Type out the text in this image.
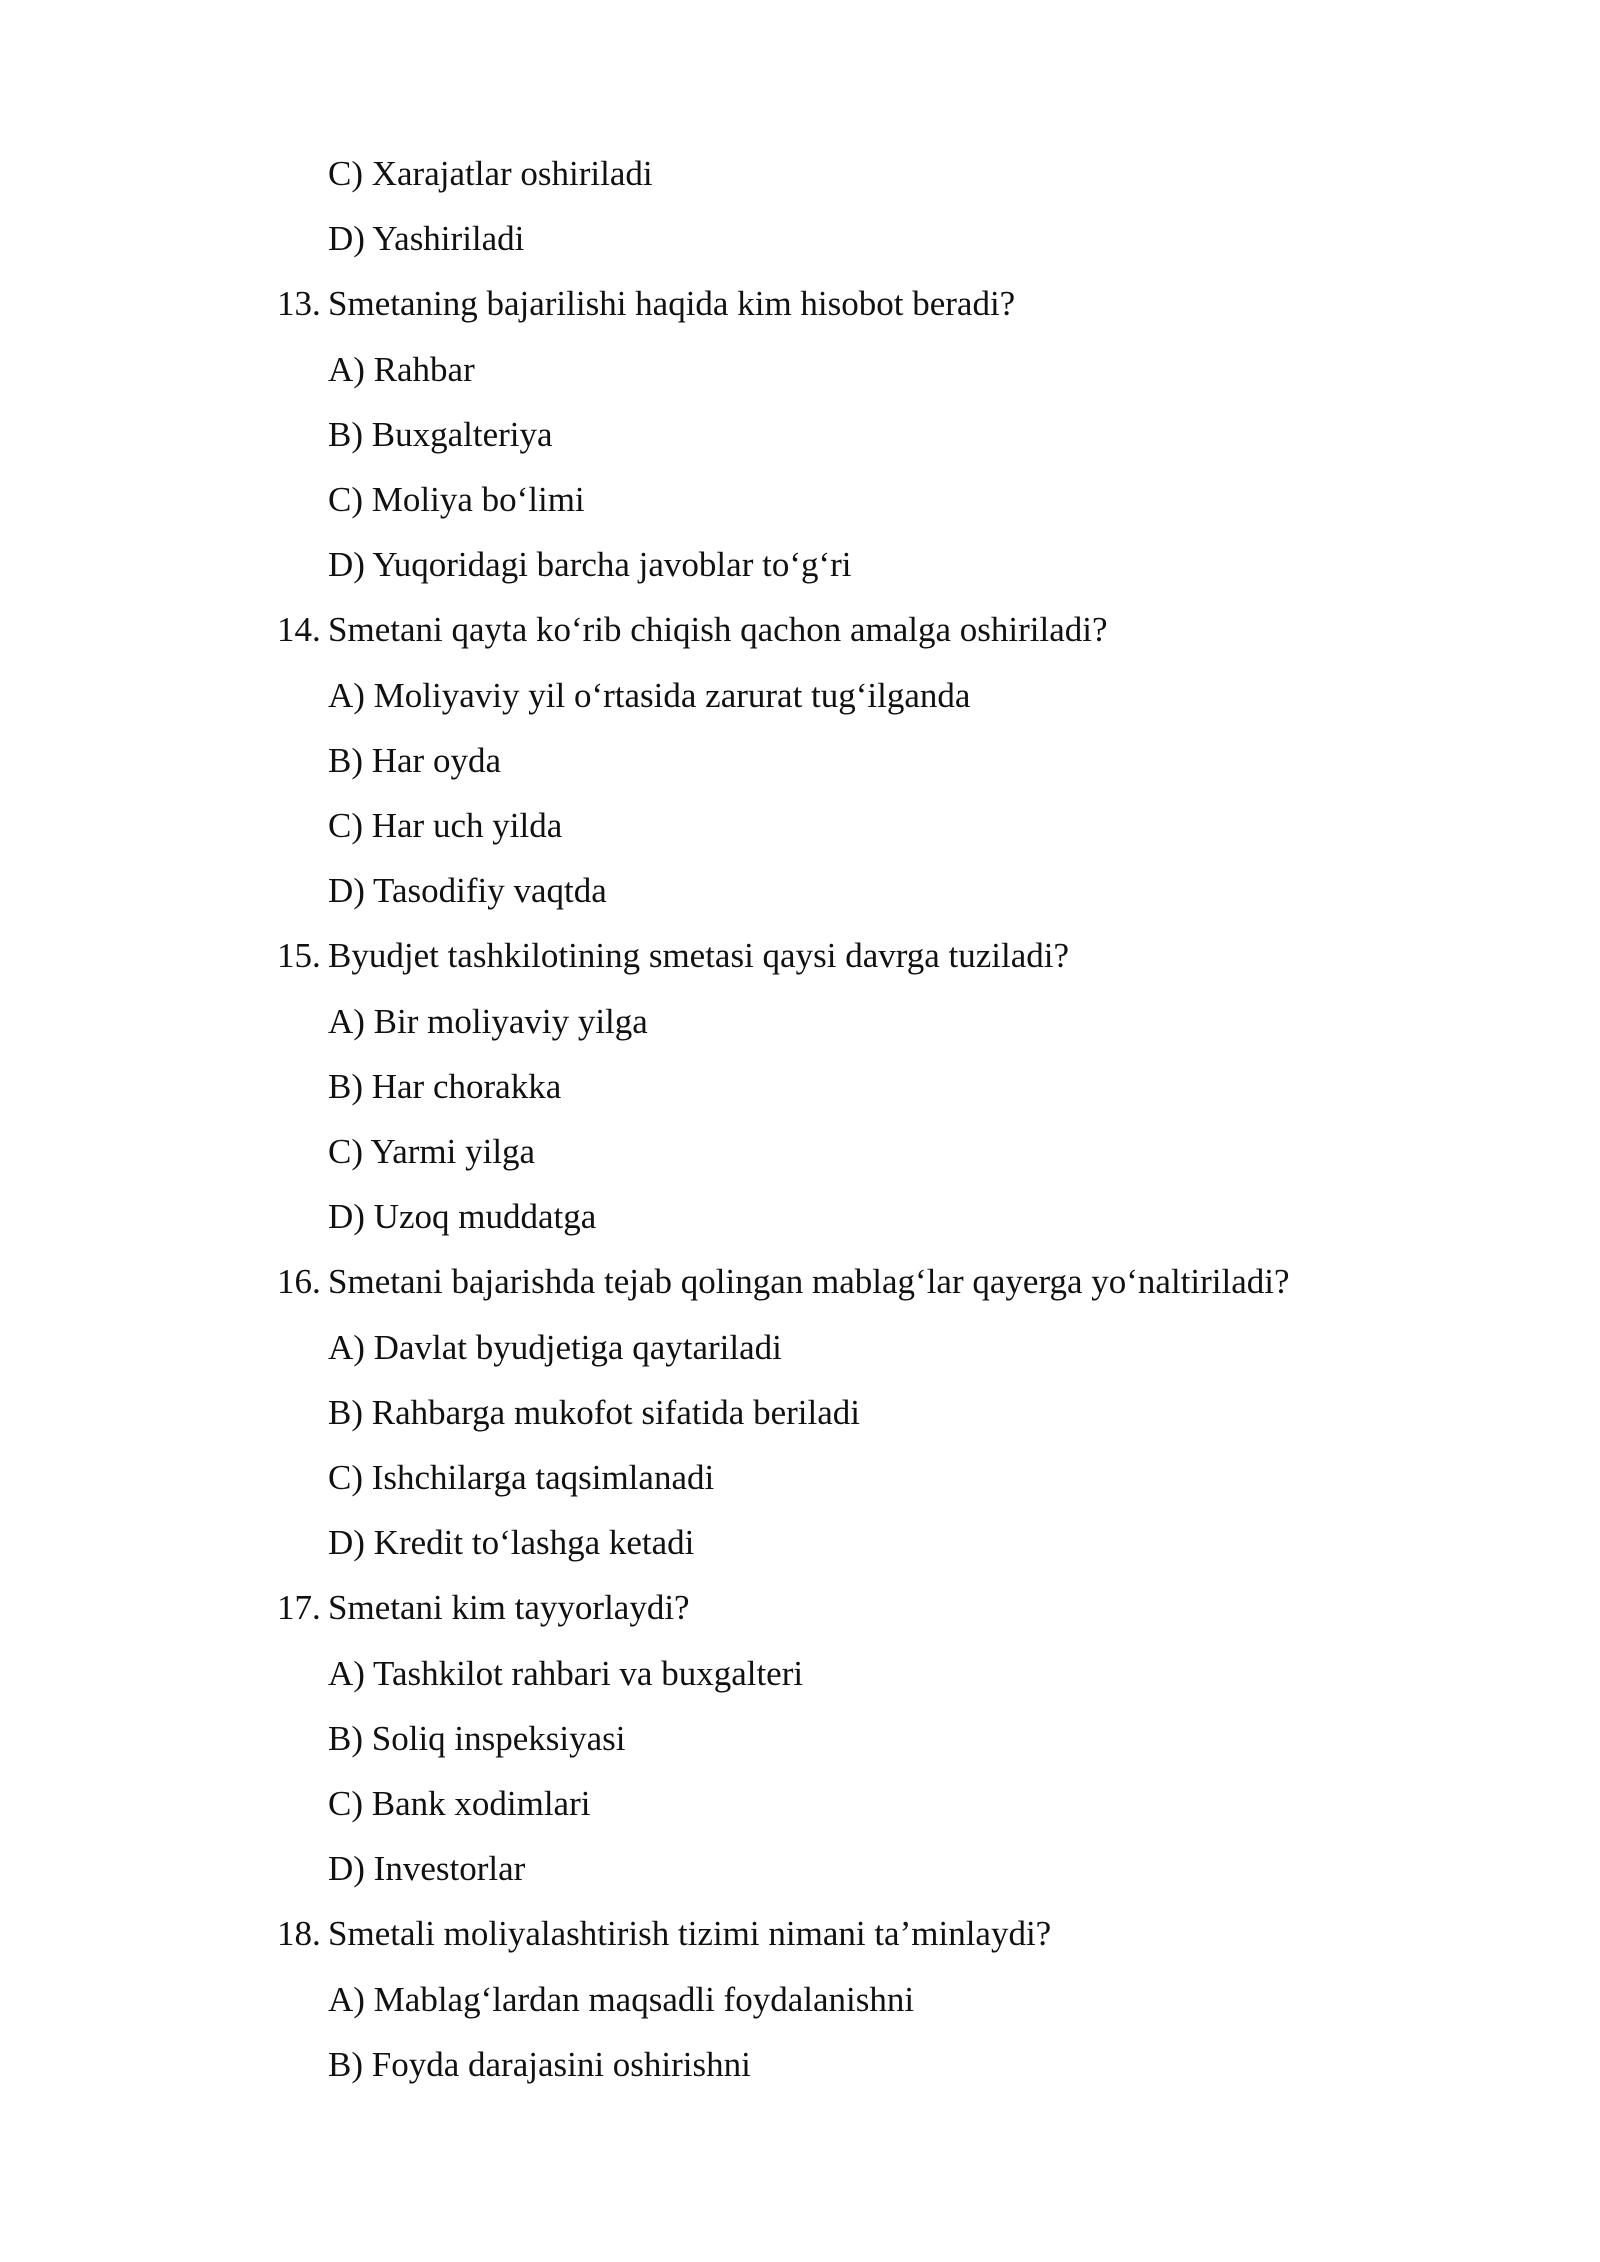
C) Xarajatlar oshiriladi
D) Yashiriladi
13. Smetaning bajarilishi haqida kim hisobot beradi?
A) Rahbar
B) Buxgalteriya
C) Moliya bo‘limi
D) Yuqoridagi barcha javoblar to‘g‘ri
14. Smetani qayta ko‘rib chiqish qachon amalga oshiriladi?
A) Moliyaviy yil o‘rtasida zarurat tug‘ilganda
B) Har oyda
C) Har uch yilda
D) Tasodifiy vaqtda
15. Byudjet tashkilotining smetasi qaysi davrga tuziladi?
A) Bir moliyaviy yilga
B) Har chorakka
C) Yarmi yilga
D) Uzoq muddatga
16. Smetani bajarishda tejab qolingan mablag‘lar qayerga yo‘naltiriladi?
A) Davlat byudjetiga qaytariladi
B) Rahbarga mukofot sifatida beriladi
C) Ishchilarga taqsimlanadi
D) Kredit to‘lashga ketadi
17. Smetani kim tayyorlaydi?
A) Tashkilot rahbari va buxgalteri
B) Soliq inspeksiyasi
C) Bank xodimlari
D) Investorlar
18. Smetali moliyalashtirish tizimi nimani ta’minlaydi?
A) Mablag‘lardan maqsadli foydalanishni
B) Foyda darajasini oshirishni
